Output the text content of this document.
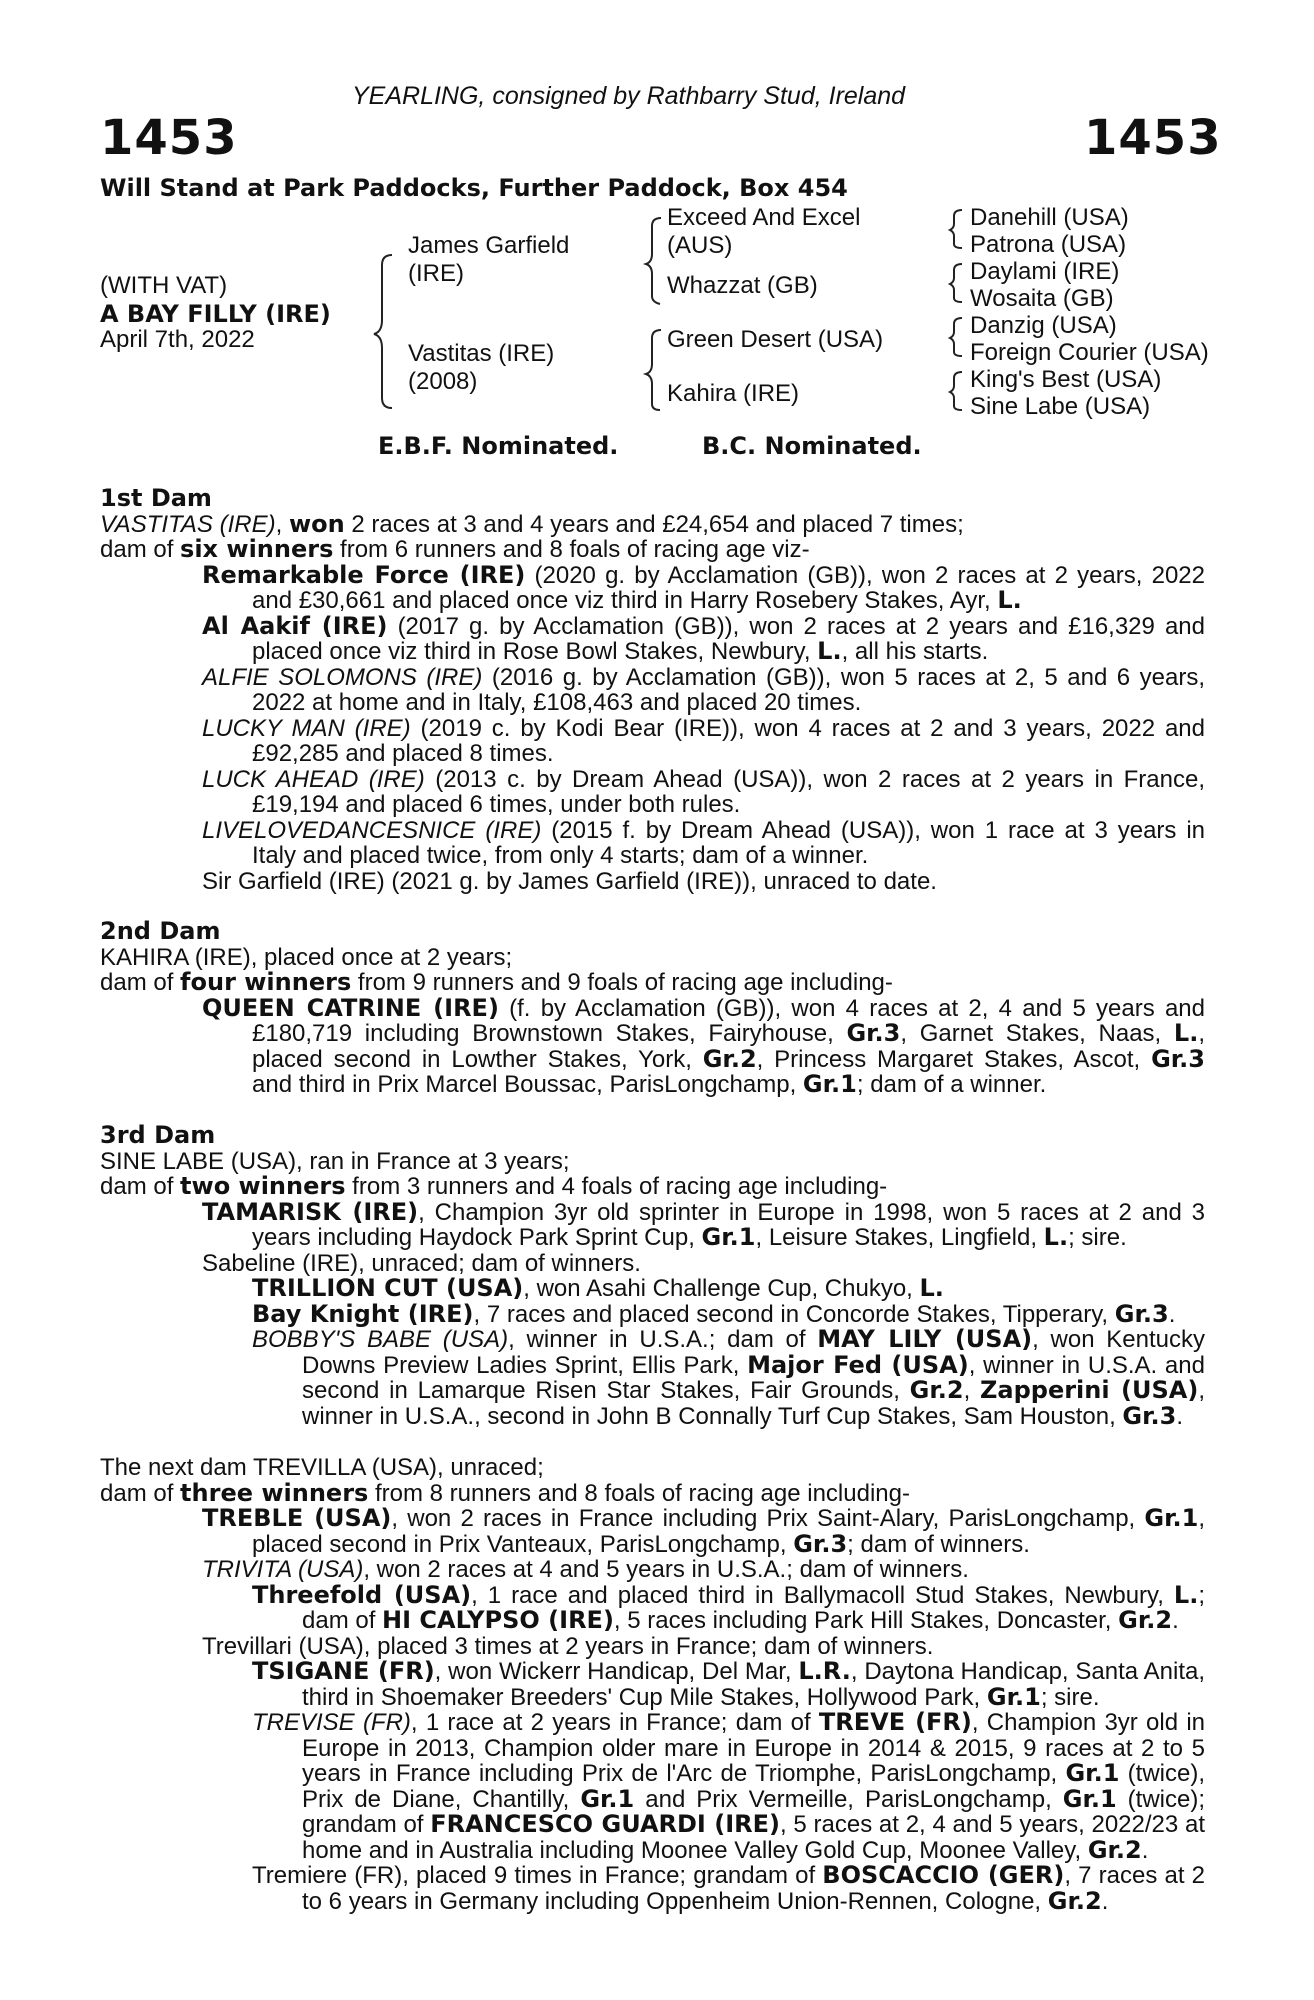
YEARLING, consigned by Rathbarry Stud, Ireland
1453	1453
Will Stand at Park Paddocks, Further Paddock, Box 454
(WITH VAT)
A BAY FILLY (IRE)
April 7th, 2022
James Garfield (IRE)
Vastitas (IRE) (2008)
Exceed And Excel (AUS)
Whazzat (GB)
Green Desert (USA)
Kahira (IRE)
Danehill (USA)
Patrona (USA)
Daylami (IRE)
Wosaita (GB)
Danzig (USA)
Foreign Courier (USA)
King's Best (USA)
Sine Labe (USA)
E.B.F. Nominated.	B.C. Nominated.

1st Dam

VASTITAS (IRE), won 2 races at 3 and 4 years and £24,654 and placed 7 times;

dam of six winners from 6 runners and 8 foals of racing age viz-

Remarkable Force (IRE) (2020 g. by Acclamation (GB)), won 2 races at 2 years, 2022 and £30,661 and placed once viz third in Harry Rosebery Stakes, Ayr, L.

Al Aakif (IRE) (2017 g. by Acclamation (GB)), won 2 races at 2 years and £16,329 and placed once viz third in Rose Bowl Stakes, Newbury, L., all his starts.

ALFIE SOLOMONS (IRE) (2016 g. by Acclamation (GB)), won 5 races at 2, 5 and 6 years, 2022 at home and in Italy, £108,463 and placed 20 times.

LUCKY MAN (IRE) (2019 c. by Kodi Bear (IRE)), won 4 races at 2 and 3 years, 2022 and £92,285 and placed 8 times.

LUCK AHEAD (IRE) (2013 c. by Dream Ahead (USA)), won 2 races at 2 years in France, £19,194 and placed 6 times, under both rules.

LIVELOVEDANCESNICE (IRE) (2015 f. by Dream Ahead (USA)), won 1 race at 3 years in Italy and placed twice, from only 4 starts; dam of a winner.

Sir Garfield (IRE) (2021 g. by James Garfield (IRE)), unraced to date.

2nd Dam

KAHIRA (IRE), placed once at 2 years;

dam of four winners from 9 runners and 9 foals of racing age including-

QUEEN CATRINE (IRE) (f. by Acclamation (GB)), won 4 races at 2, 4 and 5 years and £180,719 including Brownstown Stakes, Fairyhouse, Gr.3, Garnet Stakes, Naas, L., placed second in Lowther Stakes, York, Gr.2, Princess Margaret Stakes, Ascot, Gr.3 and third in Prix Marcel Boussac, ParisLongchamp, Gr.1; dam of a winner.

3rd Dam

SINE LABE (USA), ran in France at 3 years;

dam of two winners from 3 runners and 4 foals of racing age including-

TAMARISK (IRE), Champion 3yr old sprinter in Europe in 1998, won 5 races at 2 and 3 years including Haydock Park Sprint Cup, Gr.1, Leisure Stakes, Lingfield, L.; sire.

Sabeline (IRE), unraced; dam of winners.

TRILLION CUT (USA), won Asahi Challenge Cup, Chukyo, L.

Bay Knight (IRE), 7 races and placed second in Concorde Stakes, Tipperary, Gr.3.

BOBBY'S BABE (USA), winner in U.S.A.; dam of MAY LILY (USA), won Kentucky Downs Preview Ladies Sprint, Ellis Park, Major Fed (USA), winner in U.S.A. and second in Lamarque Risen Star Stakes, Fair Grounds, Gr.2, Zapperini (USA), winner in U.S.A., second in John B Connally Turf Cup Stakes, Sam Houston, Gr.3.

The next dam TREVILLA (USA), unraced;

dam of three winners from 8 runners and 8 foals of racing age including-

TREBLE (USA), won 2 races in France including Prix Saint-Alary, ParisLongchamp, Gr.1, placed second in Prix Vanteaux, ParisLongchamp, Gr.3; dam of winners.

TRIVITA (USA), won 2 races at 4 and 5 years in U.S.A.; dam of winners.

Threefold (USA), 1 race and placed third in Ballymacoll Stud Stakes, Newbury, L.; dam of HI CALYPSO (IRE), 5 races including Park Hill Stakes, Doncaster, Gr.2.

Trevillari (USA), placed 3 times at 2 years in France; dam of winners.

TSIGANE (FR), won Wickerr Handicap, Del Mar, L.R., Daytona Handicap, Santa Anita, third in Shoemaker Breeders' Cup Mile Stakes, Hollywood Park, Gr.1; sire.

TREVISE (FR), 1 race at 2 years in France; dam of TREVE (FR), Champion 3yr old in Europe in 2013, Champion older mare in Europe in 2014 & 2015, 9 races at 2 to 5 years in France including Prix de l'Arc de Triomphe, ParisLongchamp, Gr.1 (twice), Prix de Diane, Chantilly, Gr.1 and Prix Vermeille, ParisLongchamp, Gr.1 (twice); grandam of FRANCESCO GUARDI (IRE), 5 races at 2, 4 and 5 years, 2022/23 at home and in Australia including Moonee Valley Gold Cup, Moonee Valley, Gr.2.

Tremiere (FR), placed 9 times in France; grandam of BOSCACCIO (GER), 7 races at 2 to 6 years in Germany including Oppenheim Union-Rennen, Cologne, Gr.2.
